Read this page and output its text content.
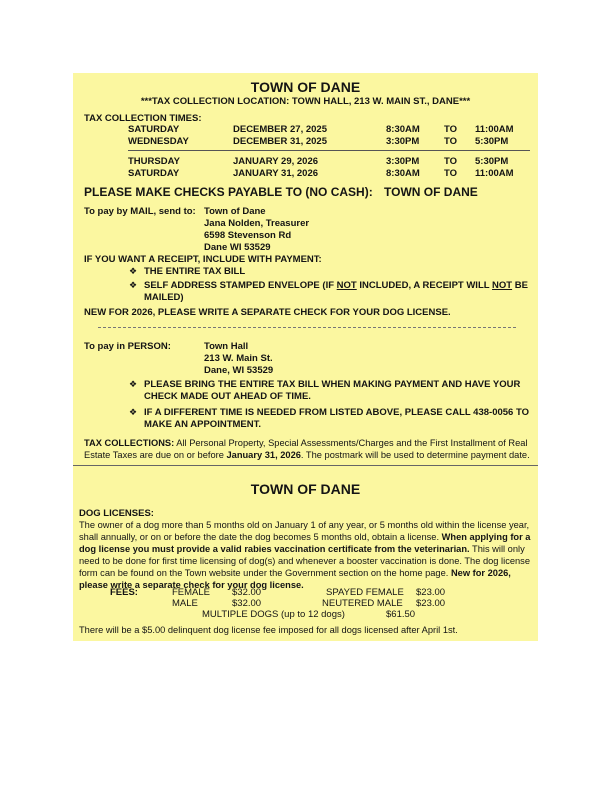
TOWN OF DANE
***TAX COLLECTION LOCATION: TOWN HALL, 213 W. MAIN ST., DANE***
TAX COLLECTION TIMES:
SATURDAY	DECEMBER 27, 2025	8:30AM	TO 11:00AM
WEDNESDAY	DECEMBER 31, 2025	3:30PM	TO 5:30PM
THURSDAY	JANUARY 29, 2026	3:30PM	TO 5:30PM
SATURDAY	JANUARY 31, 2026	8:30AM	TO 11:00AM
PLEASE MAKE CHECKS PAYABLE TO (NO CASH): TOWN OF DANE
To pay by MAIL, send to: Town of Dane
Jana Nolden, Treasurer
6598 Stevenson Rd
Dane WI 53529
IF YOU WANT A RECEIPT, INCLUDE WITH PAYMENT:
❖ THE ENTIRE TAX BILL
❖ SELF ADDRESS STAMPED ENVELOPE (IF NOT INCLUDED, A RECEIPT WILL NOT BE
MAILED)
NEW FOR 2026, PLEASE WRITE A SEPARATE CHECK FOR YOUR DOG LICENSE.
To pay in PERSON:	Town Hall
213 W. Main St.
Dane, WI 53529
❖ PLEASE BRING THE ENTIRE TAX BILL WHEN MAKING PAYMENT AND HAVE YOUR
CHECK MADE OUT AHEAD OF TIME.
❖ IF A DIFFERENT TIME IS NEEDED FROM LISTED ABOVE, PLEASE CALL 438-0056 TO
MAKE AN APPOINTMENT.
TAX COLLECTIONS: All Personal Property, Special Assessments/Charges and the First Installment of Real Estate Taxes are due on or before January 31, 2026. The postmark will be used to determine payment date.
TOWN OF DANE
DOG LICENSES:
The owner of a dog more than 5 months old on January 1 of any year, or 5 months old within the license year, shall annually, or on or before the date the dog becomes 5 months old, obtain a license. When applying for a dog license you must provide a valid rabies vaccination certificate from the veterinarian. This will only need to be done for first time licensing of dog(s) and whenever a booster vaccination is done. The dog license form can be found on the Town website under the Government section on the home page. New for 2026, please write a separate check for your dog license.
FEES:	FEMALE $32.00	SPAYED FEMALE $23.00
MALE	$32.00	NEUTERED MALE $23.00
MULTIPLE DOGS (up to 12 dogs)	$61.50
There will be a $5.00 delinquent dog license fee imposed for all dogs licensed after April 1st.
